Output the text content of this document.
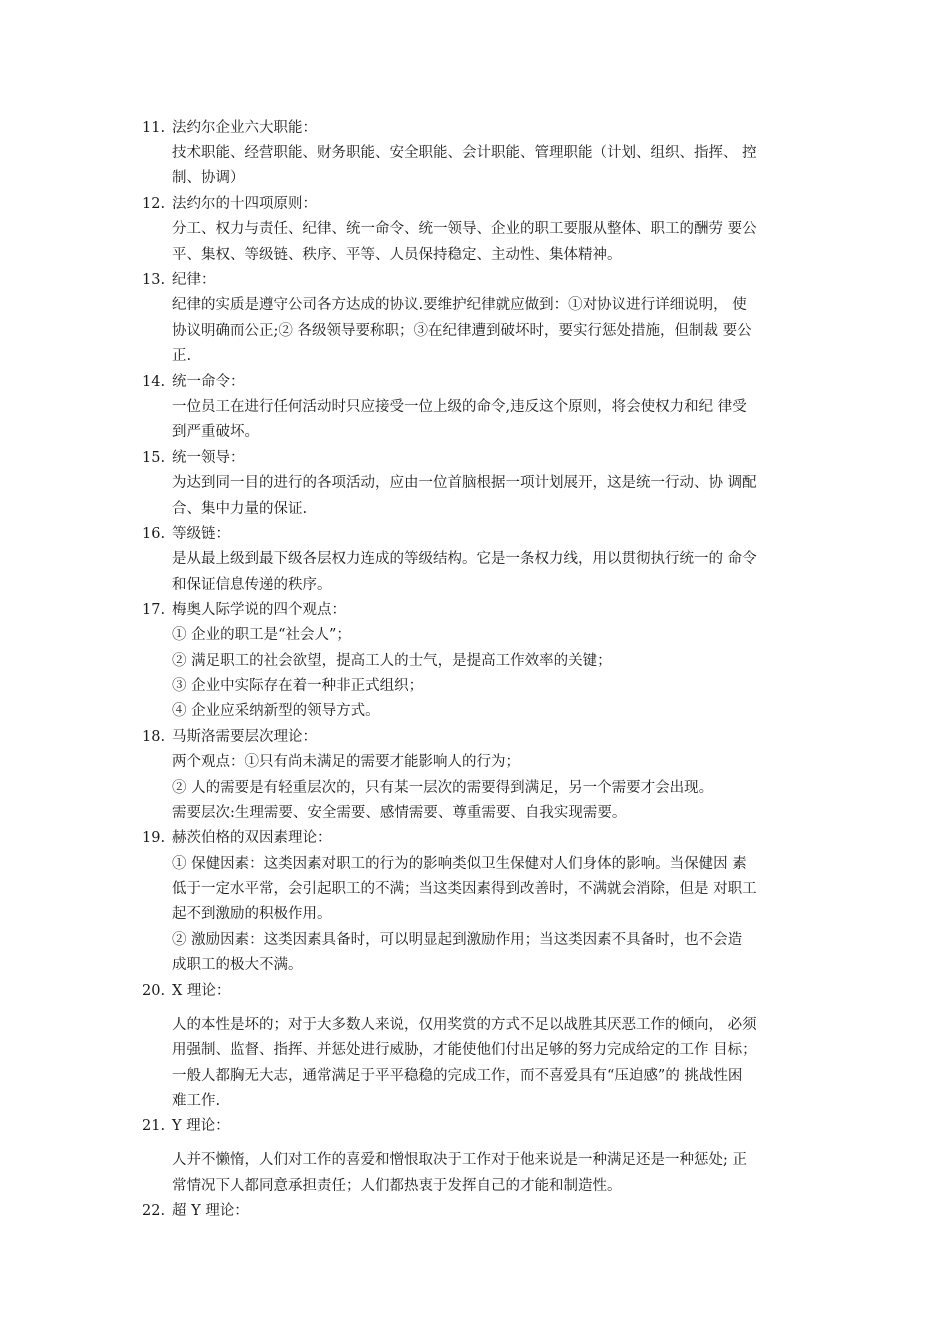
11. 法约尔企业六大职能：
技术职能、经营职能、财务职能、安全职能、会计职能、管理职能（计划、组织、指挥、 控
制、协调）
12. 法约尔的十四项原则：
分工、权力与责任、纪律、统一命令、统一领导、企业的职工要服从整体、职工的酬劳 要公
平、集权、等级链、秩序、平等、人员保持稳定、主动性、集体精神。
13. 纪律：
纪律的实质是遵守公司各方达成的协议.要维护纪律就应做到：①对协议进行详细说明， 使
协议明确而公正;② 各级领导要称职；③在纪律遭到破坏时，要实行惩处措施，但制裁 要公
正.
14. 统一命令：
一位员工在进行任何活动时只应接受一位上级的命令,违反这个原则，将会使权力和纪 律受
到严重破坏。
15. 统一领导：
为达到同一目的进行的各项活动，应由一位首脑根据一项计划展开，这是统一行动、协 调配
合、集中力量的保证.
16. 等级链：
是从最上级到最下级各层权力连成的等级结构。它是一条权力线，用以贯彻执行统一的 命令
和保证信息传递的秩序。
17. 梅奥人际学说的四个观点：
① 企业的职工是“社会人”；
② 满足职工的社会欲望，提高工人的士气，是提高工作效率的关键；
③ 企业中实际存在着一种非正式组织；
④ 企业应采纳新型的领导方式。
18. 马斯洛需要层次理论：
两个观点：①只有尚未满足的需要才能影响人的行为；
② 人的需要是有轻重层次的，只有某一层次的需要得到满足，另一个需要才会出现。
需要层次:生理需要、安全需要、感情需要、尊重需要、自我实现需要。
19. 赫茨伯格的双因素理论：
① 保健因素：这类因素对职工的行为的影响类似卫生保健对人们身体的影响。当保健因 素
低于一定水平常，会引起职工的不满；当这类因素得到改善时，不满就会消除，但是 对职工
起不到激励的积极作用。
② 激励因素：这类因素具备时，可以明显起到激励作用；当这类因素不具备时，也不会造
成职工的极大不满。
20. X 理论：
人的本性是坏的；对于大多数人来说，仅用奖赏的方式不足以战胜其厌恶工作的倾向， 必须
用强制、监督、指挥、并惩处进行威胁，才能使他们付出足够的努力完成给定的工作 目标；
一般人都胸无大志，通常满足于平平稳稳的完成工作，而不喜爱具有“压迫感”的 挑战性困
难工作.
21. Y 理论：
人并不懒惰，人们对工作的喜爱和憎恨取决于工作对于他来说是一种满足还是一种惩处; 正
常情况下人都同意承担责任；人们都热衷于发挥自己的才能和制造性。
22. 超 Y 理论：
